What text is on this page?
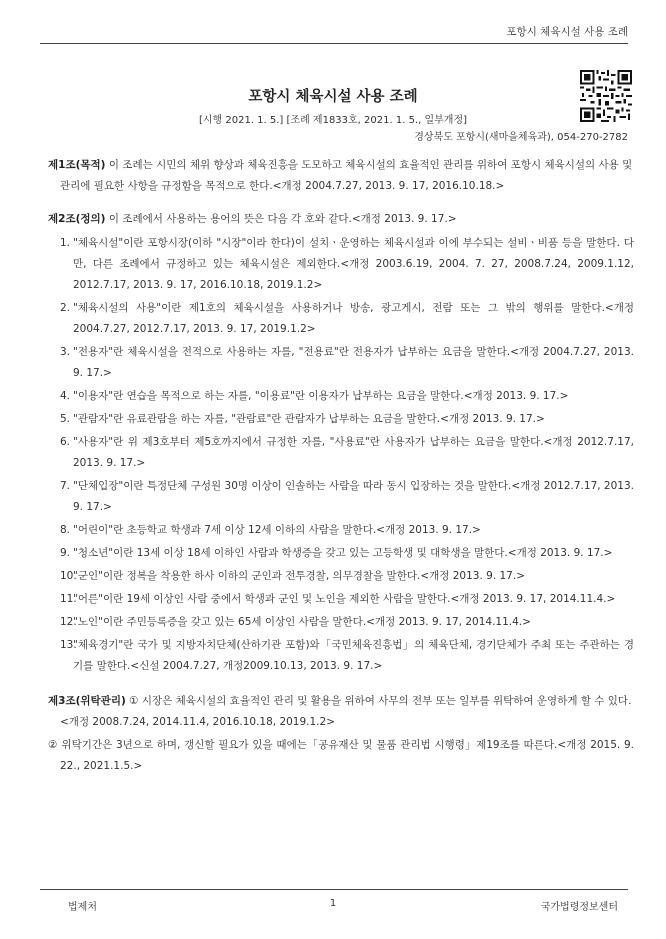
포항시 체육시설 사용 조례
포항시 체육시설 사용 조례
[시행 2021. 1. 5.] [조례 제1833호, 2021. 1. 5., 일부개정]
경상북도 포항시(새마을체육과), 054-270-2782

제1조(목적) 이 조례는 시민의 체위 향상과 체육진흥을 도모하고 체육시설의 효율적인 관리를 위하여 포항시 체육시설의 사용 및 관리에 필요한 사항을 규정함을 목적으로 한다.<개정 2004.7.27, 2013. 9. 17, 2016.10.18.>

제2조(정의) 이 조례에서 사용하는 용어의 뜻은 다음 각 호와 같다.<개정 2013. 9. 17.>

1. "체육시설"이란 포항시장(이하 "시장"이라 한다)이 설치ㆍ운영하는 체육시설과 이에 부수되는 설비ㆍ비품 등을 말한다. 다만, 다른 조례에서 규정하고 있는 체육시설은 제외한다.<개정 2003.6.19, 2004. 7. 27, 2008.7.24, 2009.1.12, 2012.7.17, 2013. 9. 17, 2016.10.18, 2019.1.2>
2. "체육시설의 사용"이란 제1호의 체육시설을 사용하거나 방송, 광고게시, 전람 또는 그 밖의 행위를 말한다.<개정 2004.7.27, 2012.7.17, 2013. 9. 17, 2019.1.2>
3. "전용자"란 체육시설을 전적으로 사용하는 자를, "전용료"란 전용자가 납부하는 요금을 말한다.<개정 2004.7.27, 2013. 9. 17.>
4. "이용자"란 연습을 목적으로 하는 자를, "이용료"란 이용자가 납부하는 요금을 말한다.<개정 2013. 9. 17.>
5. "관람자"란 유료관람을 하는 자를, "관람료"란 관람자가 납부하는 요금을 말한다.<개정 2013. 9. 17.>
6. "사용자"란 위 제3호부터 제5호까지에서 규정한 자를, "사용료"란 사용자가 납부하는 요금을 말한다.<개정 2012.7.17, 2013. 9. 17.>
7. "단체입장"이란 특정단체 구성원 30명 이상이 인솔하는 사람을 따라 동시 입장하는 것을 말한다.<개정 2012.7.17, 2013. 9. 17.>
8. "어린이"란 초등학교 학생과 7세 이상 12세 이하의 사람을 말한다.<개정 2013. 9. 17.>
9. "청소년"이란 13세 이상 18세 이하인 사람과 학생증을 갖고 있는 고등학생 및 대학생을 말한다.<개정 2013. 9. 17.>
10.
"군인"이란 정복을 착용한 하사 이하의 군인과 전투경찰, 의무경찰을 말한다.<개정 2013. 9. 17.>
11.
"어른"이란 19세 이상인 사람 중에서 학생과 군인 및 노인을 제외한 사람을 말한다.<개정 2013. 9. 17, 2014.11.4.>
12.
"노인"이란 주민등록증을 갖고 있는 65세 이상인 사람을 말한다.<개정 2013. 9. 17, 2014.11.4.>
13.
"체육경기"란 국가 및 지방자치단체(산하기관 포함)와「국민체육진흥법」의 체육단체, 경기단체가 주최 또는 주관하는 경기를 말한다.<신설 2004.7.27, 개정2009.10.13, 2013. 9. 17.>

제3조(위탁관리) ① 시장은 체육시설의 효율적인 관리 및 활용을 위하여 사무의 전부 또는 일부를 위탁하여 운영하게 할 수 있다.<개정 2008.7.24, 2014.11.4, 2016.10.18, 2019.1.2>

② 위탁기간은 3년으로 하며, 갱신할 필요가 있을 때에는「공유재산 및 물품 관리법 시행령」제19조를 따른다.<개정 2015. 9. 22., 2021.1.5.>

법제처	1	국가법령정보센터
